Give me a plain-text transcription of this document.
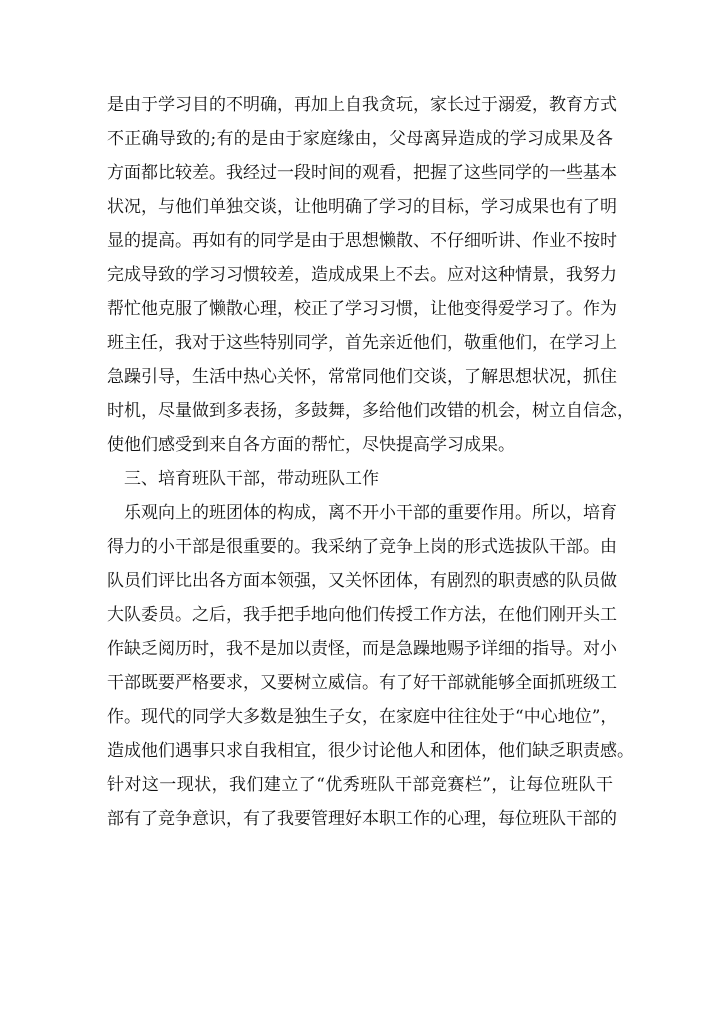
是由于学习目的不明确，再加上自我贪玩，家长过于溺爱，教育方式
不正确导致的;有的是由于家庭缘由，父母离异造成的学习成果及各
方面都比较差。我经过一段时间的观看，把握了这些同学的一些基本
状况，与他们单独交谈，让他明确了学习的目标，学习成果也有了明
显的提高。再如有的同学是由于思想懒散、不仔细听讲、作业不按时
完成导致的学习习惯较差，造成成果上不去。应对这种情景，我努力
帮忙他克服了懒散心理，校正了学习习惯，让他变得爱学习了。作为
班主任，我对于这些特别同学，首先亲近他们，敬重他们，在学习上
急躁引导，生活中热心关怀，常常同他们交谈，了解思想状况，抓住
时机，尽量做到多表扬，多鼓舞，多给他们改错的机会，树立自信念，
使他们感受到来自各方面的帮忙，尽快提高学习成果。
　三、培育班队干部，带动班队工作
　乐观向上的班团体的构成，离不开小干部的重要作用。所以，培育
得力的小干部是很重要的。我采纳了竞争上岗的形式选拔队干部。由
队员们评比出各方面本领强，又关怀团体，有剧烈的职责感的队员做
大队委员。之后，我手把手地向他们传授工作方法，在他们刚开头工
作缺乏阅历时，我不是加以责怪，而是急躁地赐予详细的指导。对小
干部既要严格要求，又要树立威信。有了好干部就能够全面抓班级工
作。现代的同学大多数是独生子女，在家庭中往往处于“中心地位”，
造成他们遇事只求自我相宜，很少讨论他人和团体，他们缺乏职责感。
针对这一现状，我们建立了“优秀班队干部竞赛栏”，让每位班队干
部有了竞争意识，有了我要管理好本职工作的心理，每位班队干部的
